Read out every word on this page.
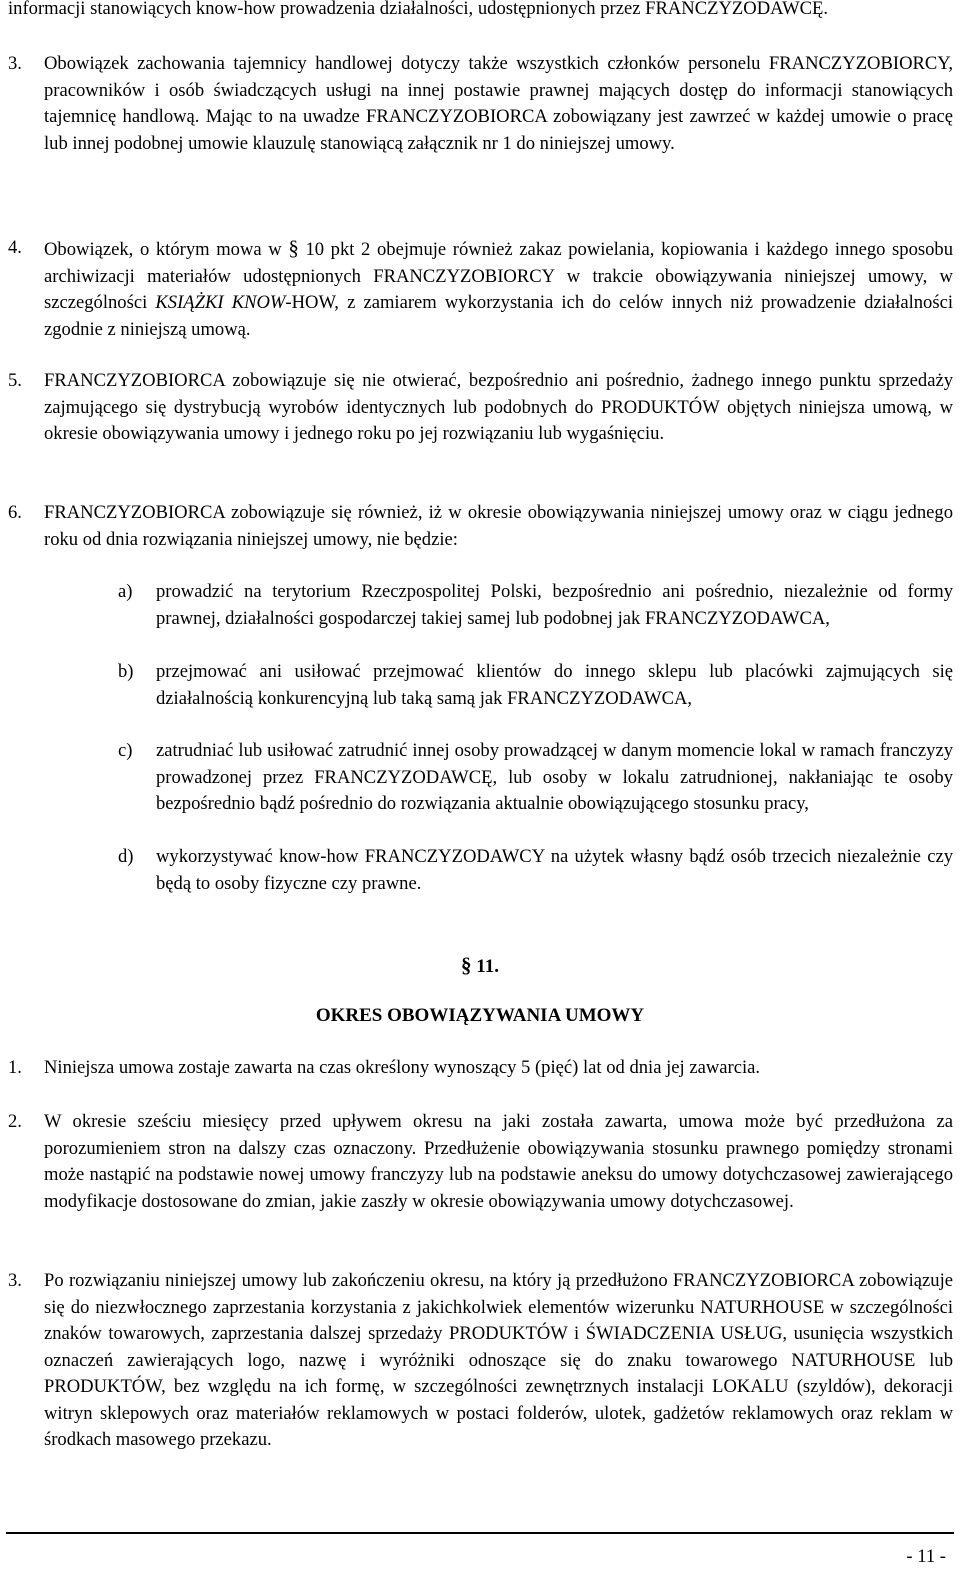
informacji stanowiących know-how prowadzenia działalności, udostępnionych przez FRANCZYZODAWCĘ.
3.	Obowiązek zachowania tajemnicy handlowej dotyczy także wszystkich członków personelu FRANCZYZOBIORCY, pracowników i osób świadczących usługi na innej postawie prawnej mających dostęp do informacji stanowiących tajemnicę handlową. Mając to na uwadze FRANCZYZOBIORCA zobowiązany jest zawrzeć w każdej umowie o pracę lub innej podobnej umowie klauzulę stanowiącą załącznik nr 1 do niniejszej umowy.
4.	Obowiązek, o którym mowa w § 10 pkt 2 obejmuje również zakaz powielania, kopiowania i każdego innego sposobu archiwizacji materiałów udostępnionych FRANCZYZOBIORCY w trakcie obowiązywania niniejszej umowy, w szczególności KSIĄŻKI KNOW-HOW, z zamiarem wykorzystania ich do celów innych niż prowadzenie działalności zgodnie z niniejszą umową.
5.	FRANCZYZOBIORCA zobowiązuje się nie otwierać, bezpośrednio ani pośrednio, żadnego innego punktu sprzedaży zajmującego się dystrybucją wyrobów identycznych lub podobnych do PRODUKTÓW objętych niniejsza umową, w okresie obowiązywania umowy i jednego roku po jej rozwiązaniu lub wygaśnięciu.
6.	FRANCZYZOBIORCA zobowiązuje się również, iż w okresie obowiązywania niniejszej umowy oraz w ciągu jednego roku od dnia rozwiązania niniejszej umowy, nie będzie:
a)	prowadzić na terytorium Rzeczpospolitej Polski, bezpośrednio ani pośrednio, niezależnie od formy prawnej, działalności gospodarczej takiej samej lub podobnej jak FRANCZYZODAWCA,
b)	przejmować ani usiłować przejmować klientów do innego sklepu lub placówki zajmujących się działalnością konkurencyjną lub taką samą jak FRANCZYZODAWCA,
c)	zatrudniać lub usiłować zatrudnić innej osoby prowadzącej w danym momencie lokal w ramach franczyzy prowadzonej przez FRANCZYZODAWCĘ, lub osoby w lokalu zatrudnionej, nakłaniając te osoby bezpośrednio bądź pośrednio do rozwiązania aktualnie obowiązującego stosunku pracy,
d)	wykorzystywać know-how FRANCZYZODAWCY na użytek własny bądź osób trzecich niezależnie czy będą to osoby fizyczne czy prawne.
§ 11.
OKRES OBOWIĄZYWANIA UMOWY
1.	Niniejsza umowa zostaje zawarta na czas określony wynoszący 5 (pięć) lat od dnia jej zawarcia.
2.	W okresie sześciu miesięcy przed upływem okresu na jaki została zawarta, umowa może być przedłużona za porozumieniem stron na dalszy czas oznaczony. Przedłużenie obowiązywania stosunku prawnego pomiędzy stronami może nastąpić na podstawie nowej umowy franczyzy lub na podstawie aneksu do umowy dotychczasowej zawierającego modyfikacje dostosowane do zmian, jakie zaszły w okresie obowiązywania umowy dotychczasowej.
3.	Po rozwiązaniu niniejszej umowy lub zakończeniu okresu, na który ją przedłużono FRANCZYZOBIORCA zobowiązuje się do niezwłocznego zaprzestania korzystania z jakichkolwiek elementów wizerunku NATURHOUSE w szczególności znaków towarowych, zaprzestania dalszej sprzedaży PRODUKTÓW i ŚWIADCZENIA USŁUG, usunięcia wszystkich oznaczeń zawierających logo, nazwę i wyróżniki odnoszące się do znaku towarowego NATURHOUSE lub PRODUKTÓW, bez względu na ich formę, w szczególności zewnętrznych instalacji LOKALU (szyldów), dekoracji witryn sklepowych oraz materiałów reklamowych w postaci folderów, ulotek, gadżetów reklamowych oraz reklam w środkach masowego przekazu.
- 11 -
